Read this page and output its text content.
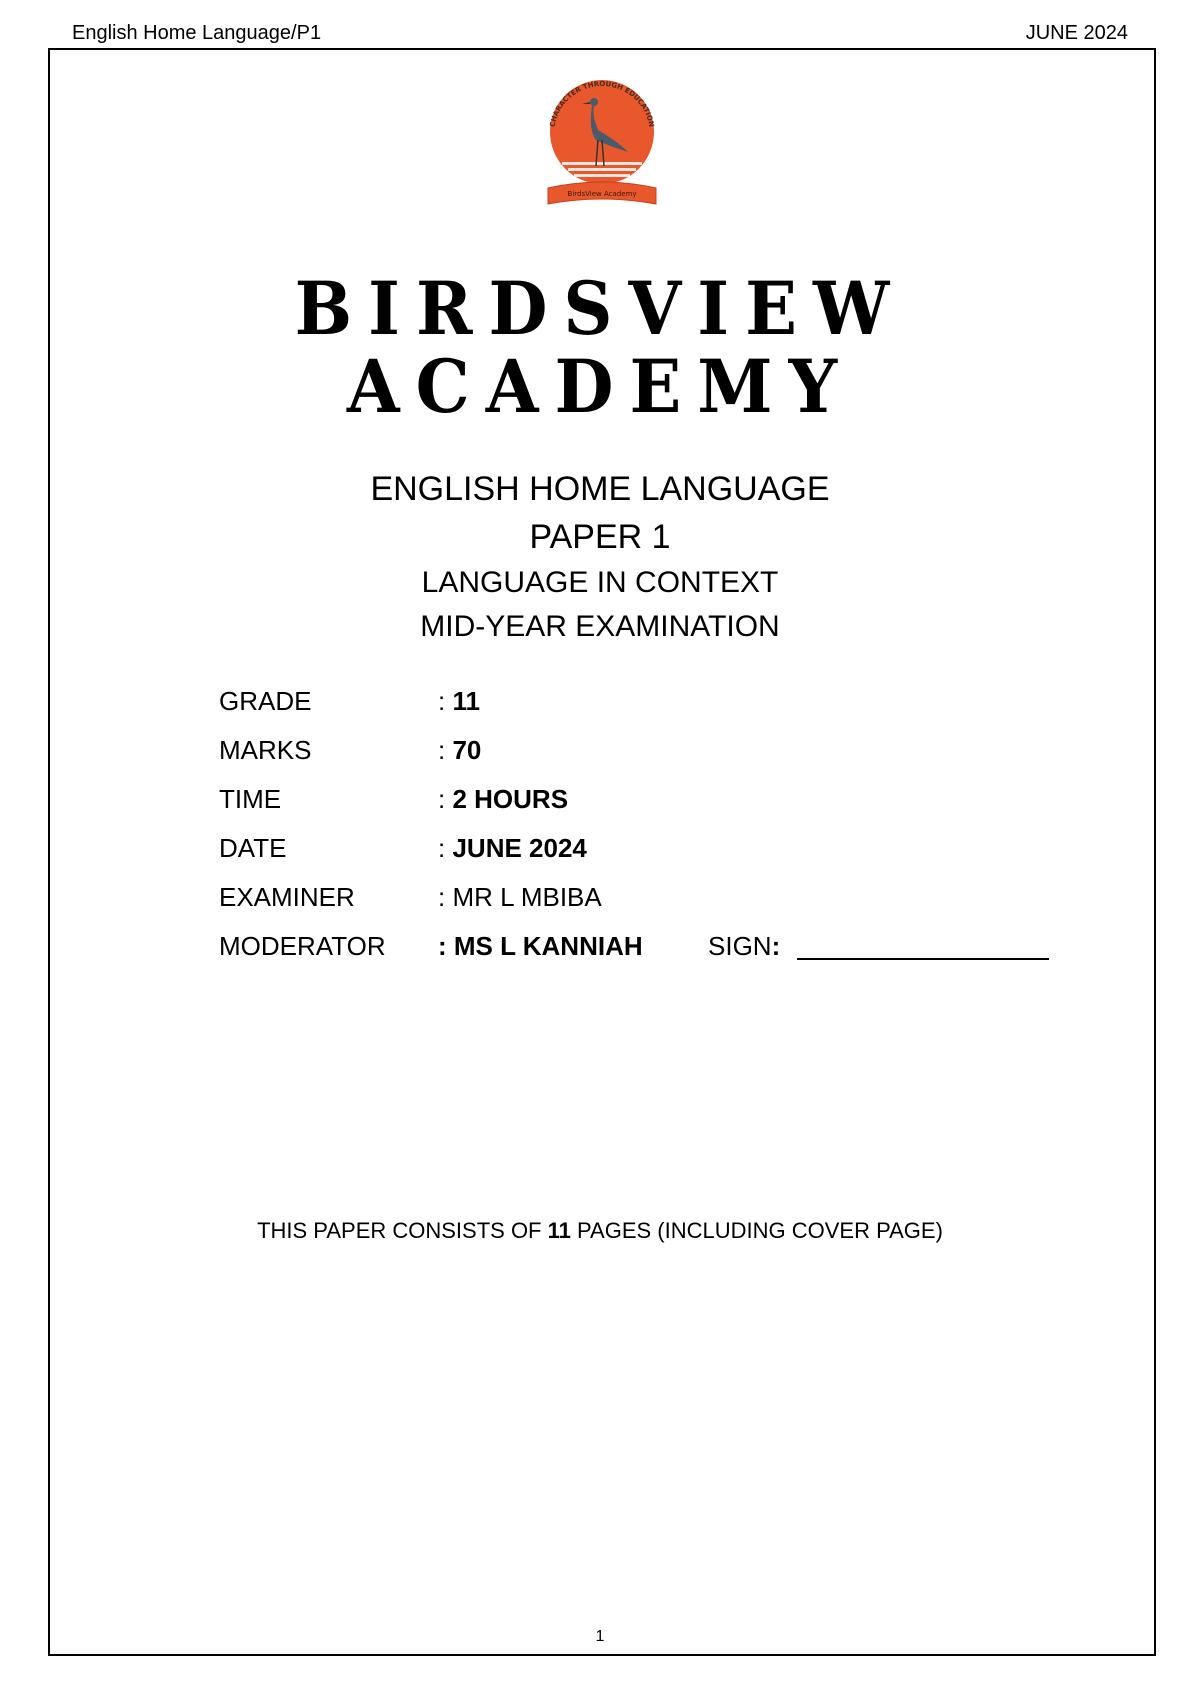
English Home Language/P1	JUNE 2024
CHARACTER THROUGH EDUCATION
BirdsView Academy
BIRDSVIEW
ACADEMY
ENGLISH HOME LANGUAGE
PAPER 1
LANGUAGE IN CONTEXT
MID-YEAR EXAMINATION
GRADE	: 11
MARKS	: 70
TIME	: 2 HOURS
DATE	: JUNE 2024
EXAMINER	: MR L MBIBA
MODERATOR : MS L KANNIAH	SIGN:
THIS PAPER CONSISTS OF 11 PAGES (INCLUDING COVER PAGE)
1
